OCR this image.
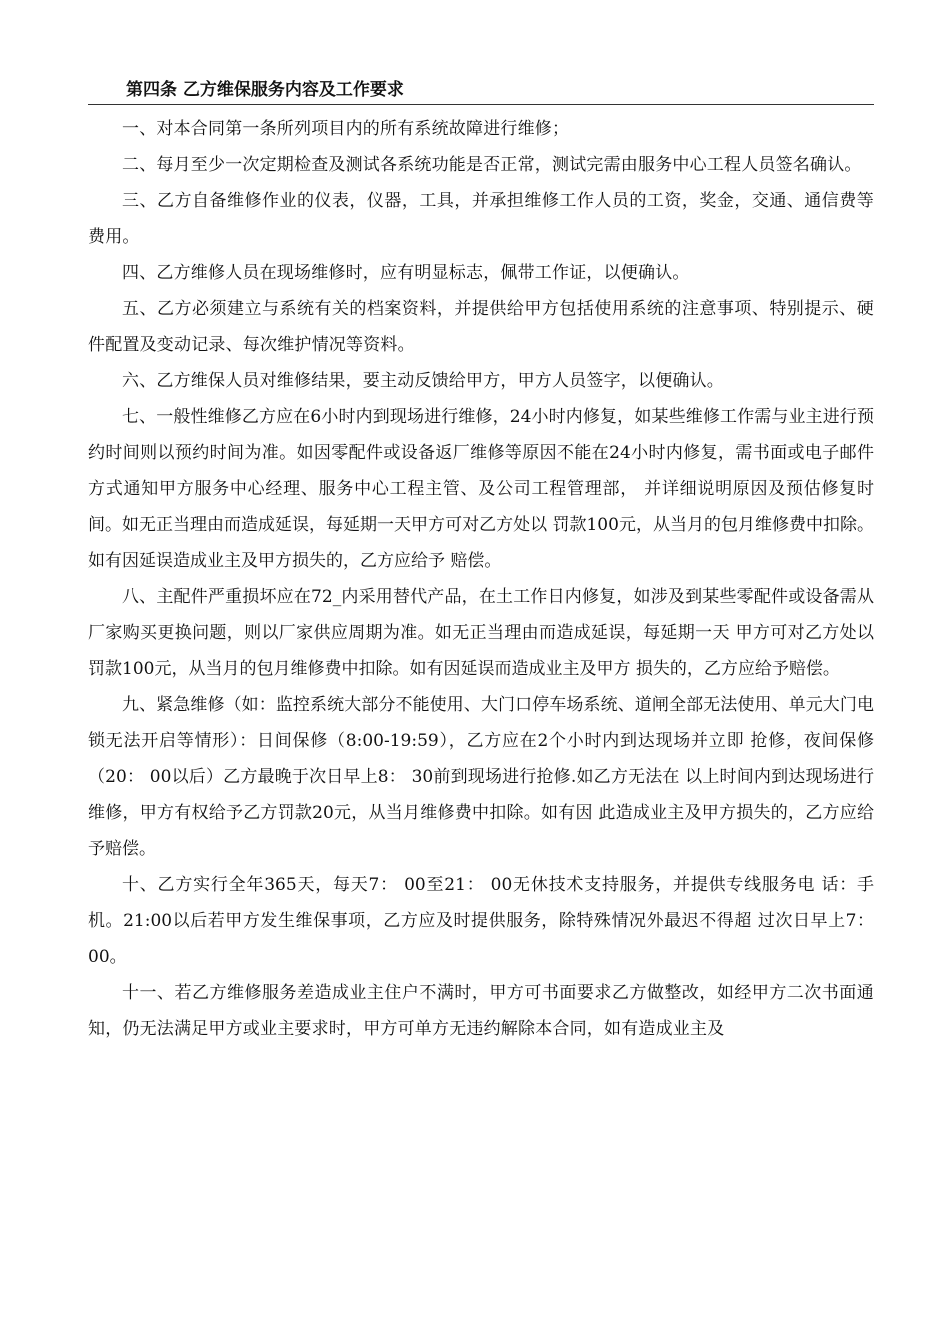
第四条 乙方维保服务内容及工作要求

一、对本合同第一条所列项目内的所有系统故障进行维修；

二、每月至少一次定期检查及测试各系统功能是否正常，测试完需由服务中心工程人员签名确认。

三、乙方自备维修作业的仪表，仪器，工具，并承担维修工作人员的工资，奖金，交通、通信费等费用。

四、乙方维修人员在现场维修时，应有明显标志，佩带工作证，以便确认。

五、乙方必须建立与系统有关的档案资料，并提供给甲方包括使用系统的注意事项、特别提示、硬件配置及变动记录、每次维护情况等资料。

六、乙方维保人员对维修结果，要主动反馈给甲方，甲方人员签字，以便确认。

七、一般性维修乙方应在6小时内到现场进行维修，24小时内修复，如某些维修工作需与业主进行预约时间则以预约时间为准。如因零配件或设备返厂维修等原因不能在24小时内修复，需书面或电子邮件方式通知甲方服务中心经理、服务中心工程主管、及公司工程管理部， 并详细说明原因及预估修复时间。如无正当理由而造成延误，每延期一天甲方可对乙方处以 罚款100元，从当月的包月维修费中扣除。如有因延误造成业主及甲方损失的，乙方应给予 赔偿。

八、主配件严重损坏应在72_内采用替代产品，在土工作日内修复，如涉及到某些零配件或设备需从厂家购买更换问题，则以厂家供应周期为准。如无正当理由而造成延误，每延期一天 甲方可对乙方处以罚款100元，从当月的包月维修费中扣除。如有因延误而造成业主及甲方 损失的，乙方应给予赔偿。

九、紧急维修（如：监控系统大部分不能使用、大门口停车场系统、道闸全部无法使用、单元大门电锁无法开启等情形）：日间保修（8:00-19:59），乙方应在2个小时内到达现场并立即 抢修，夜间保修（20： 00以后）乙方最晚于次日早上8： 30前到现场进行抢修.如乙方无法在 以上时间内到达现场进行维修，甲方有权给予乙方罚款20元，从当月维修费中扣除。如有因 此造成业主及甲方损失的，乙方应给予赔偿。

十、乙方实行全年365天，每天7： 00至21： 00无休技术支持服务，并提供专线服务电 话：手机。21:00以后若甲方发生维保事项，乙方应及时提供服务，除特殊情况外最迟不得超 过次日早上7： 00。

十一、若乙方维修服务差造成业主住户不满时，甲方可书面要求乙方做整改，如经甲方二次书面通知，仍无法满足甲方或业主要求时，甲方可单方无违约解除本合同，如有造成业主及
